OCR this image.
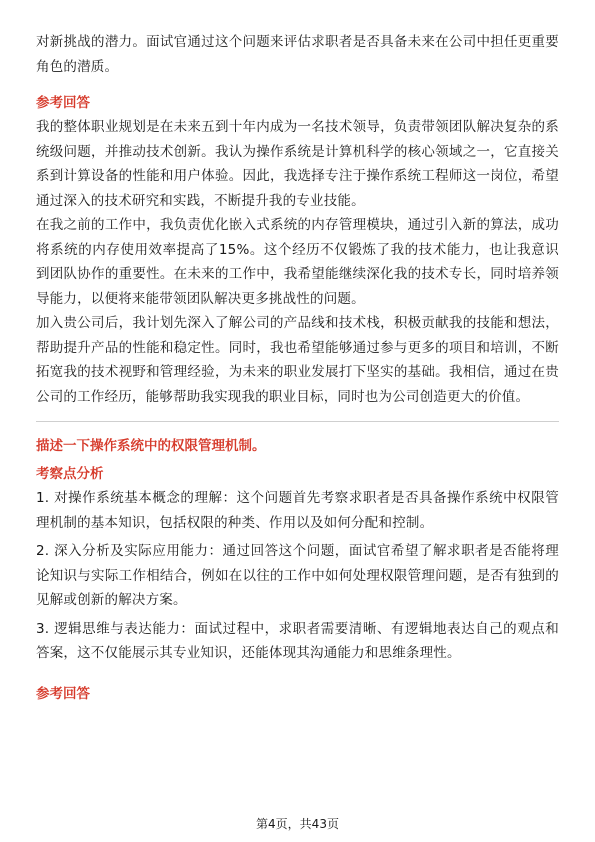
对新挑战的潜力。面试官通过这个问题来评估求职者是否具备未来在公司中担任更重要角色的潜质。

参考回答

我的整体职业规划是在未来五到十年内成为一名技术领导，负责带领团队解决复杂的系统级问题，并推动技术创新。我认为操作系统是计算机科学的核心领域之一，它直接关系到计算设备的性能和用户体验。因此，我选择专注于操作系统工程师这一岗位，希望通过深入的技术研究和实践，不断提升我的专业技能。

在我之前的工作中，我负责优化嵌入式系统的内存管理模块，通过引入新的算法，成功将系统的内存使用效率提高了15%。这个经历不仅锻炼了我的技术能力，也让我意识到团队协作的重要性。在未来的工作中，我希望能继续深化我的技术专长，同时培养领导能力，以便将来能带领团队解决更多挑战性的问题。

加入贵公司后，我计划先深入了解公司的产品线和技术栈，积极贡献我的技能和想法，帮助提升产品的性能和稳定性。同时，我也希望能够通过参与更多的项目和培训，不断拓宽我的技术视野和管理经验，为未来的职业发展打下坚实的基础。我相信，通过在贵公司的工作经历，能够帮助我实现我的职业目标，同时也为公司创造更大的价值。

描述一下操作系统中的权限管理机制。
考察点分析

1. 对操作系统基本概念的理解：这个问题首先考察求职者是否具备操作系统中权限管理机制的基本知识，包括权限的种类、作用以及如何分配和控制。

2. 深入分析及实际应用能力：通过回答这个问题，面试官希望了解求职者是否能将理论知识与实际工作相结合，例如在以往的工作中如何处理权限管理问题，是否有独到的见解或创新的解决方案。

3. 逻辑思维与表达能力：面试过程中，求职者需要清晰、有逻辑地表达自己的观点和答案，这不仅能展示其专业知识，还能体现其沟通能力和思维条理性。

参考回答
第4页，共43页
